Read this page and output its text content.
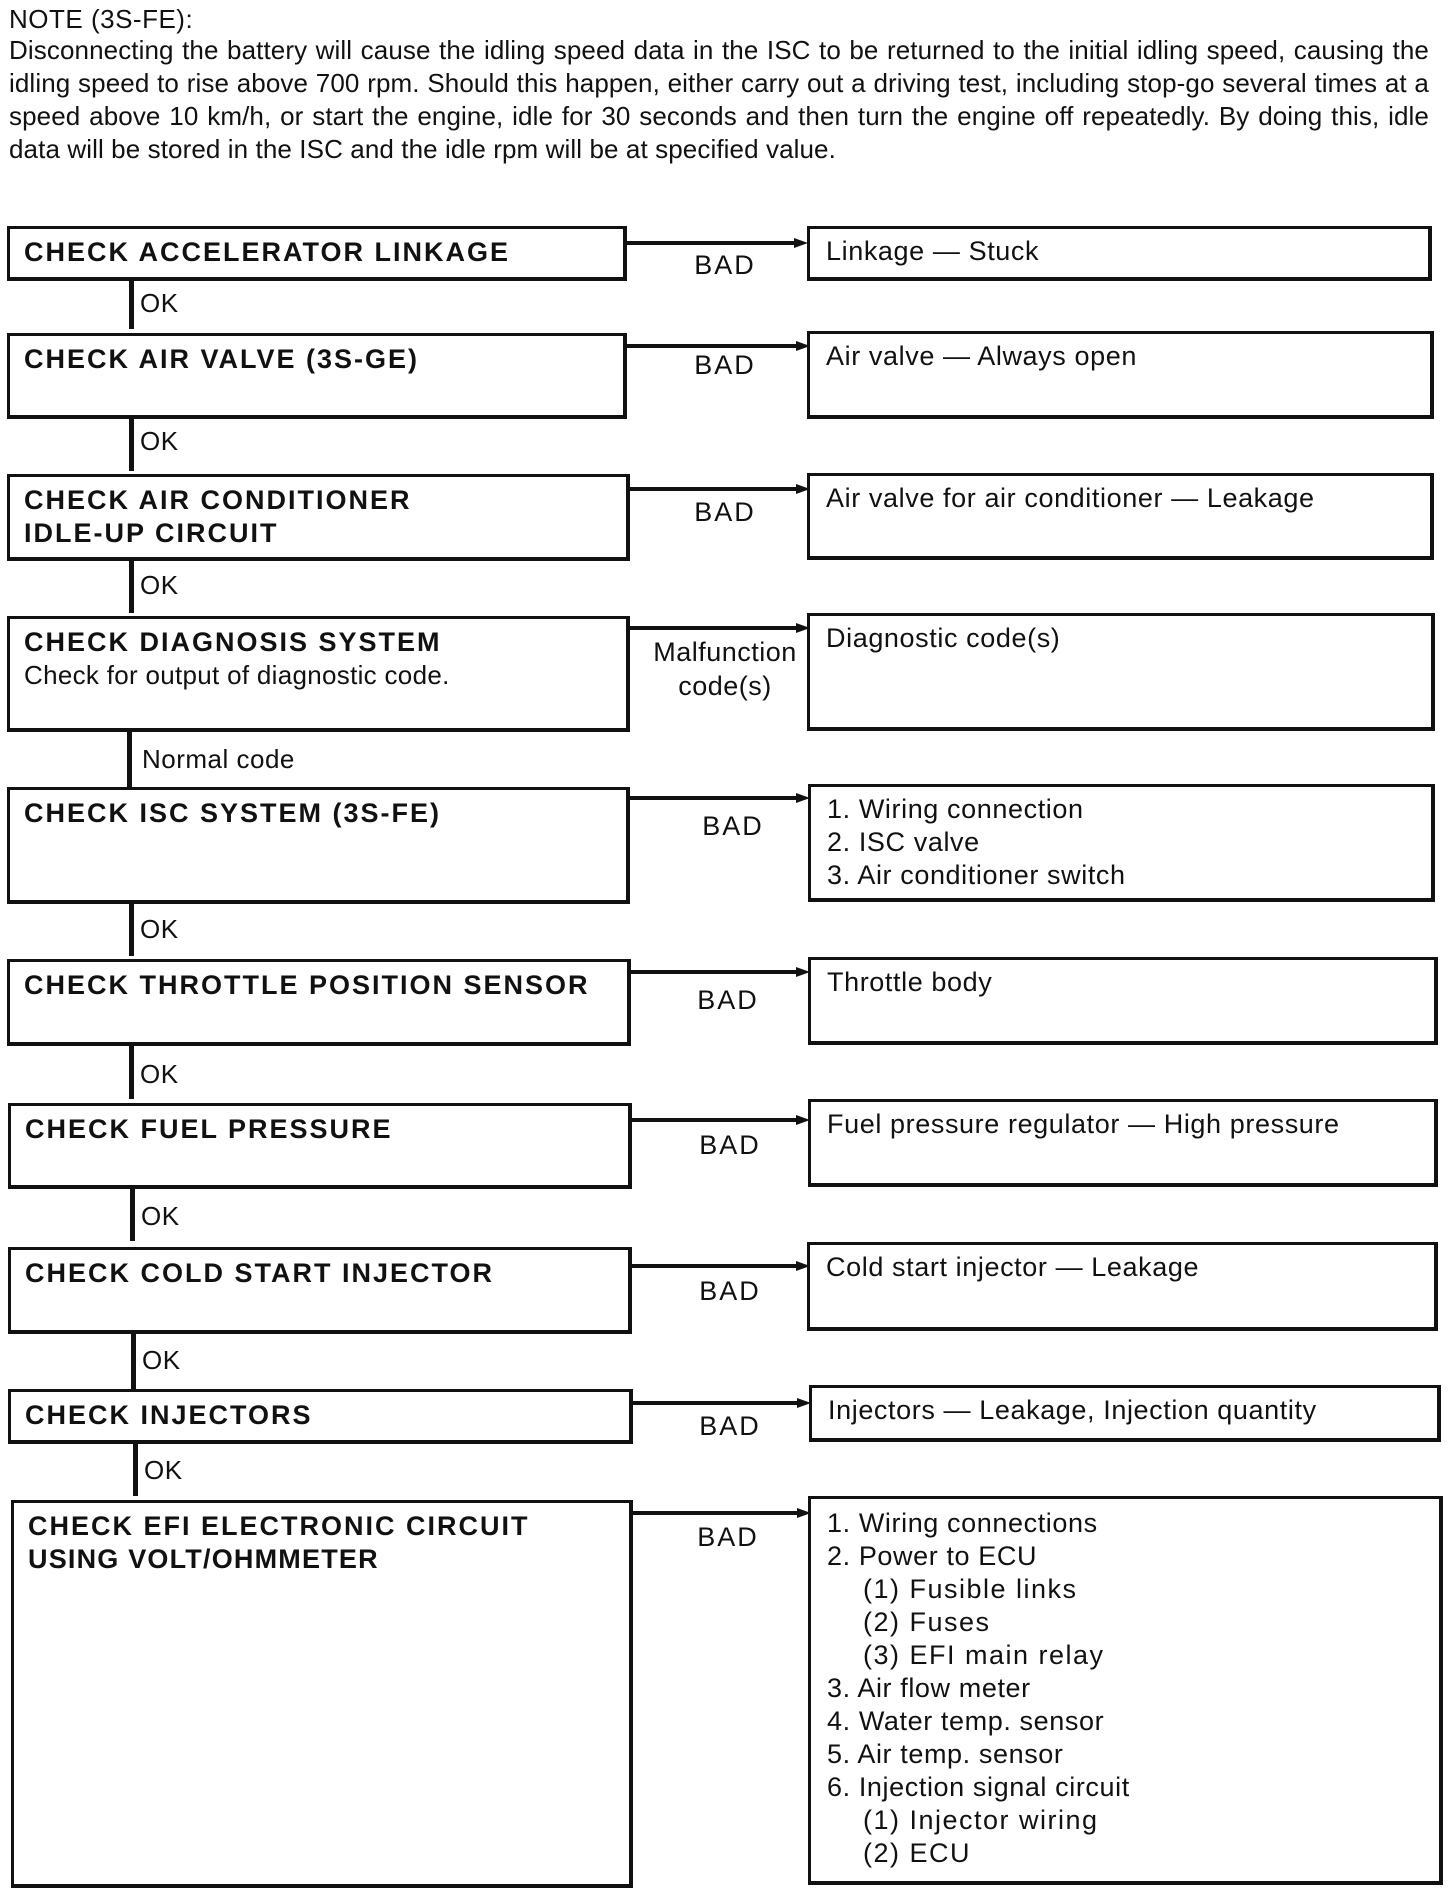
NOTE (3S-FE):
Disconnecting the battery will cause the idling speed data in the ISC to be returned to the initial idling speed, causing the idling speed to rise above 700 rpm. Should this happen, either carry out a driving test, including stop-go several times at a speed above 10 km/h, or start the engine, idle for 30 seconds and then turn the engine off repeatedly. By doing this, idle data will be stored in the ISC and the idle rpm will be at specified value.
CHECK ACCELERATOR LINKAGE	BAD	Linkage — Stuck
OK
CHECK AIR VALVE (3S-GE)	BAD	Air valve — Always open
OK
CHECK AIR CONDITIONER
IDLE-UP CIRCUIT
BAD	Air valve for air conditioner — Leakage
OK
CHECK DIAGNOSIS SYSTEM
Check for output of diagnostic code.
Malfunction
code(s)
Diagnostic code(s)
Normal code
CHECK ISC SYSTEM (3S-FE)	BAD
1. Wiring connection
2. ISC valve
3. Air conditioner switch
OK
CHECK THROTTLE POSITION SENSOR	BAD
Throttle body
OK
CHECK FUEL PRESSURE
BAD
Fuel pressure regulator — High pressure
OK
CHECK COLD START INJECTOR
BAD
Cold start injector — Leakage
OK
CHECK INJECTORS	BAD
Injectors — Leakage, Injection quantity
OK
CHECK EFI ELECTRONIC CIRCUIT
USING VOLT/OHMMETER
BAD	1. Wiring connections
2. Power to ECU
(1) Fusible links
(2) Fuses
(3) EFI main relay
3. Air flow meter
4. Water temp. sensor
5. Air temp. sensor
6. Injection signal circuit
(1) Injector wiring
(2) ECU
